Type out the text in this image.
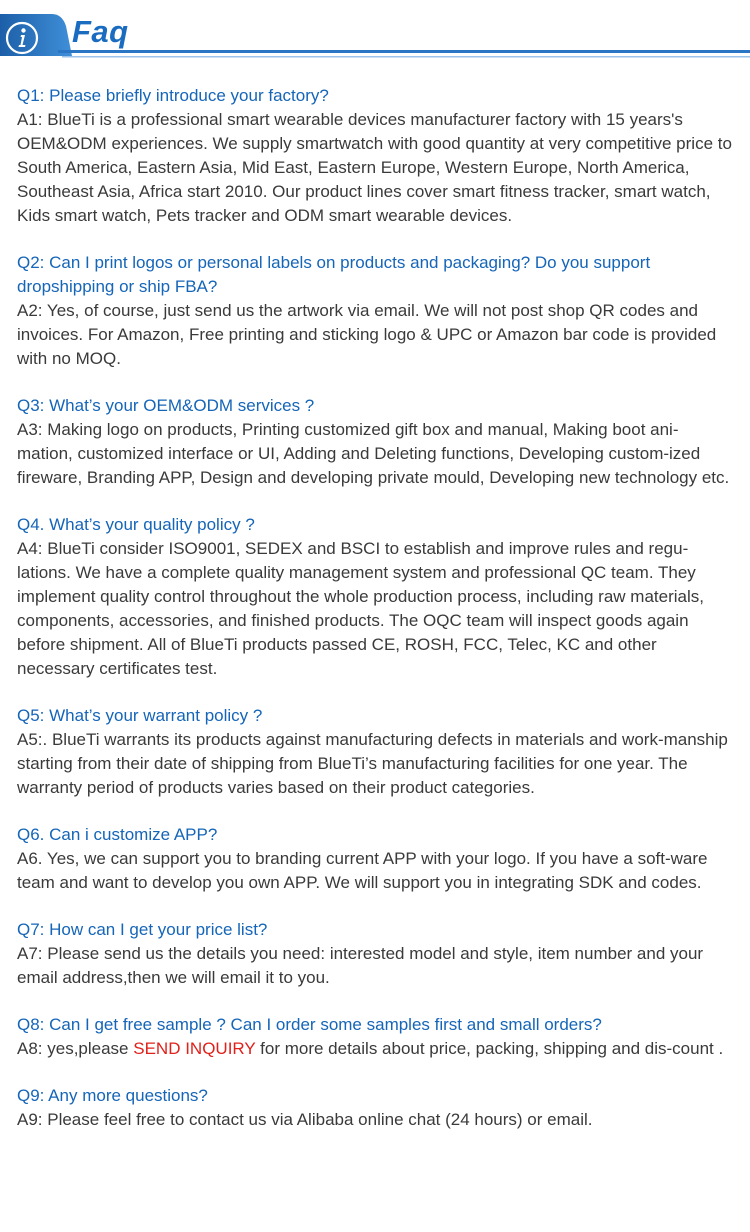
Faq

Q1: Please briefly introduce your factory?

A1: BlueTi is a professional smart wearable devices manufacturer factory with 15 years's OEM&ODM experiences. We supply smartwatch with good quantity at very competitive price to South America, Eastern Asia, Mid East, Eastern Europe, Western Europe, North America, Southeast Asia, Africa start 2010. Our product lines cover smart fitness tracker, smart watch, Kids smart watch, Pets tracker and ODM smart wearable devices.

Q2: Can I print logos or personal labels on products and packaging? Do you support dropshipping or ship FBA?

A2: Yes, of course, just send us the artwork via email. We will not post shop QR codes and invoices. For Amazon, Free printing and sticking logo & UPC or Amazon bar code is provided with no MOQ.

Q3: What’s your OEM&ODM services ?

A3: Making logo on products, Printing customized gift box and manual, Making boot ani-mation, customized interface or UI, Adding and Deleting functions, Developing custom-ized fireware, Branding APP, Design and developing private mould, Developing new technology etc.

Q4. What’s your quality policy ?

A4: BlueTi consider ISO9001, SEDEX and BSCI to establish and improve rules and regu-lations. We have a complete quality management system and professional QC team. They implement quality control throughout the whole production process, including raw materials, components, accessories, and finished products. The OQC team will inspect goods again before shipment. All of BlueTi products passed CE, ROSH, FCC, Telec, KC and other necessary certificates test.

Q5: What’s your warrant policy ?

A5:. BlueTi warrants its products against manufacturing defects in materials and work-manship starting from their date of shipping from BlueTi’s manufacturing facilities for one year. The warranty period of products varies based on their product categories.

Q6. Can i customize APP?

A6. Yes, we can support you to branding current APP with your logo. If you have a soft-ware team and want to develop you own APP. We will support you in integrating SDK and codes.

Q7: How can I get your price list?

A7: Please send us the details you need: interested model and style, item number and your email address,then we will email it to you.

Q8: Can I get free sample ? Can I order some samples first and small orders?

A8: yes,please SEND INQUIRY for more details about price, packing, shipping and dis-count .

Q9: Any more questions?

A9: Please feel free to contact us via Alibaba online chat (24 hours) or email.
